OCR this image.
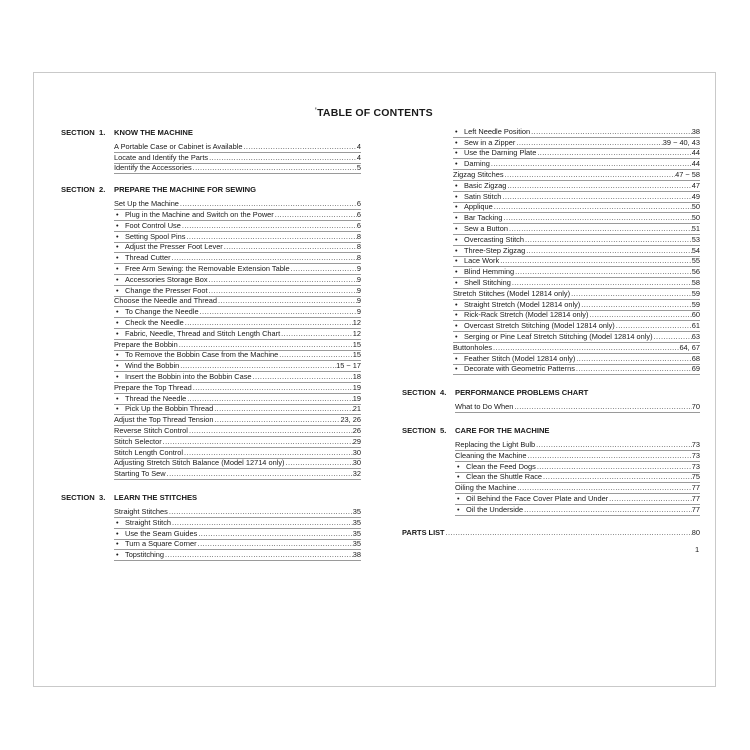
' TABLE OF CONTENTS
SECTION 1. KNOW THE MACHINE
A Portable Case or Cabinet is Available .....	4
Locate and Identify the Parts .....	4
Identify the Accessories .....	5
SECTION 2. PREPARE THE MACHINE FOR SEWING
Set Up the Machine .....	6
• Plug in the Machine and Switch on the Power .....	6
• Foot Control Use .....	6
• Setting Spool Pins .....	8
• Adjust the Presser Foot Lever .....	8
• Thread Cutter .....	8
• Free Arm Sewing: the Removable Extension Table .....	9
• Accessories Storage Box .....	9
• Change the Presser Foot .....	9
Choose the Needle and Thread .....	9
• To Change the Needle .....	9
• Check the Needle .....	12
• Fabric, Needle, Thread and Stitch Length Chart .....	12
Prepare the Bobbin .....	15
• To Remove the Bobbin Case from the Machine .....	15
• Wind the Bobbin .....	15 ~ 17
• Insert the Bobbin into the Bobbin Case .....	18
Prepare the Top Thread .....	19
• Thread the Needle .....	19
• Pick Up the Bobbin Thread .....	21
Adjust the Top Thread Tension .....	23, 26
Reverse Stitch Control .....	26
Stitch Selector .....	29
Stitch Length Control .....	30
Adjusting Stretch Stitch Balance (Model 12714 only) .....	30
Starting To Sew .....	32
SECTION 3. LEARN THE STITCHES
Straight Stitches .....	35
• Straight Stitch .....	35
• Use the Seam Guides .....	35
• Turn a Square Corner .....	35
• Topstitching .....	38
• Left Needle Position .....	38
• Sew in a Zipper .....	39 ~ 40, 43
• Use the Darning Plate .....	44
• Darning .....	44
Zigzag Stitches .....	47 ~ 58
• Basic Zigzag .....	47
• Satin Stitch .....	49
• Applique .....	50
• Bar Tacking .....	50
• Sew a Button .....	51
• Overcasting Stitch .....	53
• Three-Step Zigzag .....	54
• Lace Work .....	55
• Blind Hemming .....	56
• Shell Stitching .....	58
Stretch Stitches (Model 12814 only) .....	59
• Straight Stretch (Model 12814 only) .....	59
• Rick-Rack Stretch (Model 12814 only) .....	60
• Overcast Stretch Stitching (Model 12814 only) .....	61
• Serging or Pine Leaf Stretch Stitching (Model 12814 only) .....	63
Buttonholes .....	64, 67
• Feather Stitch (Model 12814 only) .....	68
• Decorate with Geometric Patterns .....	69
SECTION 4. PERFORMANCE PROBLEMS CHART
What to Do When .....	70
SECTION 5. CARE FOR THE MACHINE
Replacing the Light Bulb .....	73
Cleaning the Machine .....	73
• Clean the Feed Dogs .....	73
• Clean the Shuttle Race .....	75
Oiling the Machine .....	77
• Oil Behind the Face Cover Plate and Under .....	77
• Oil the Underside .....	77
PARTS LIST .....	80
1
